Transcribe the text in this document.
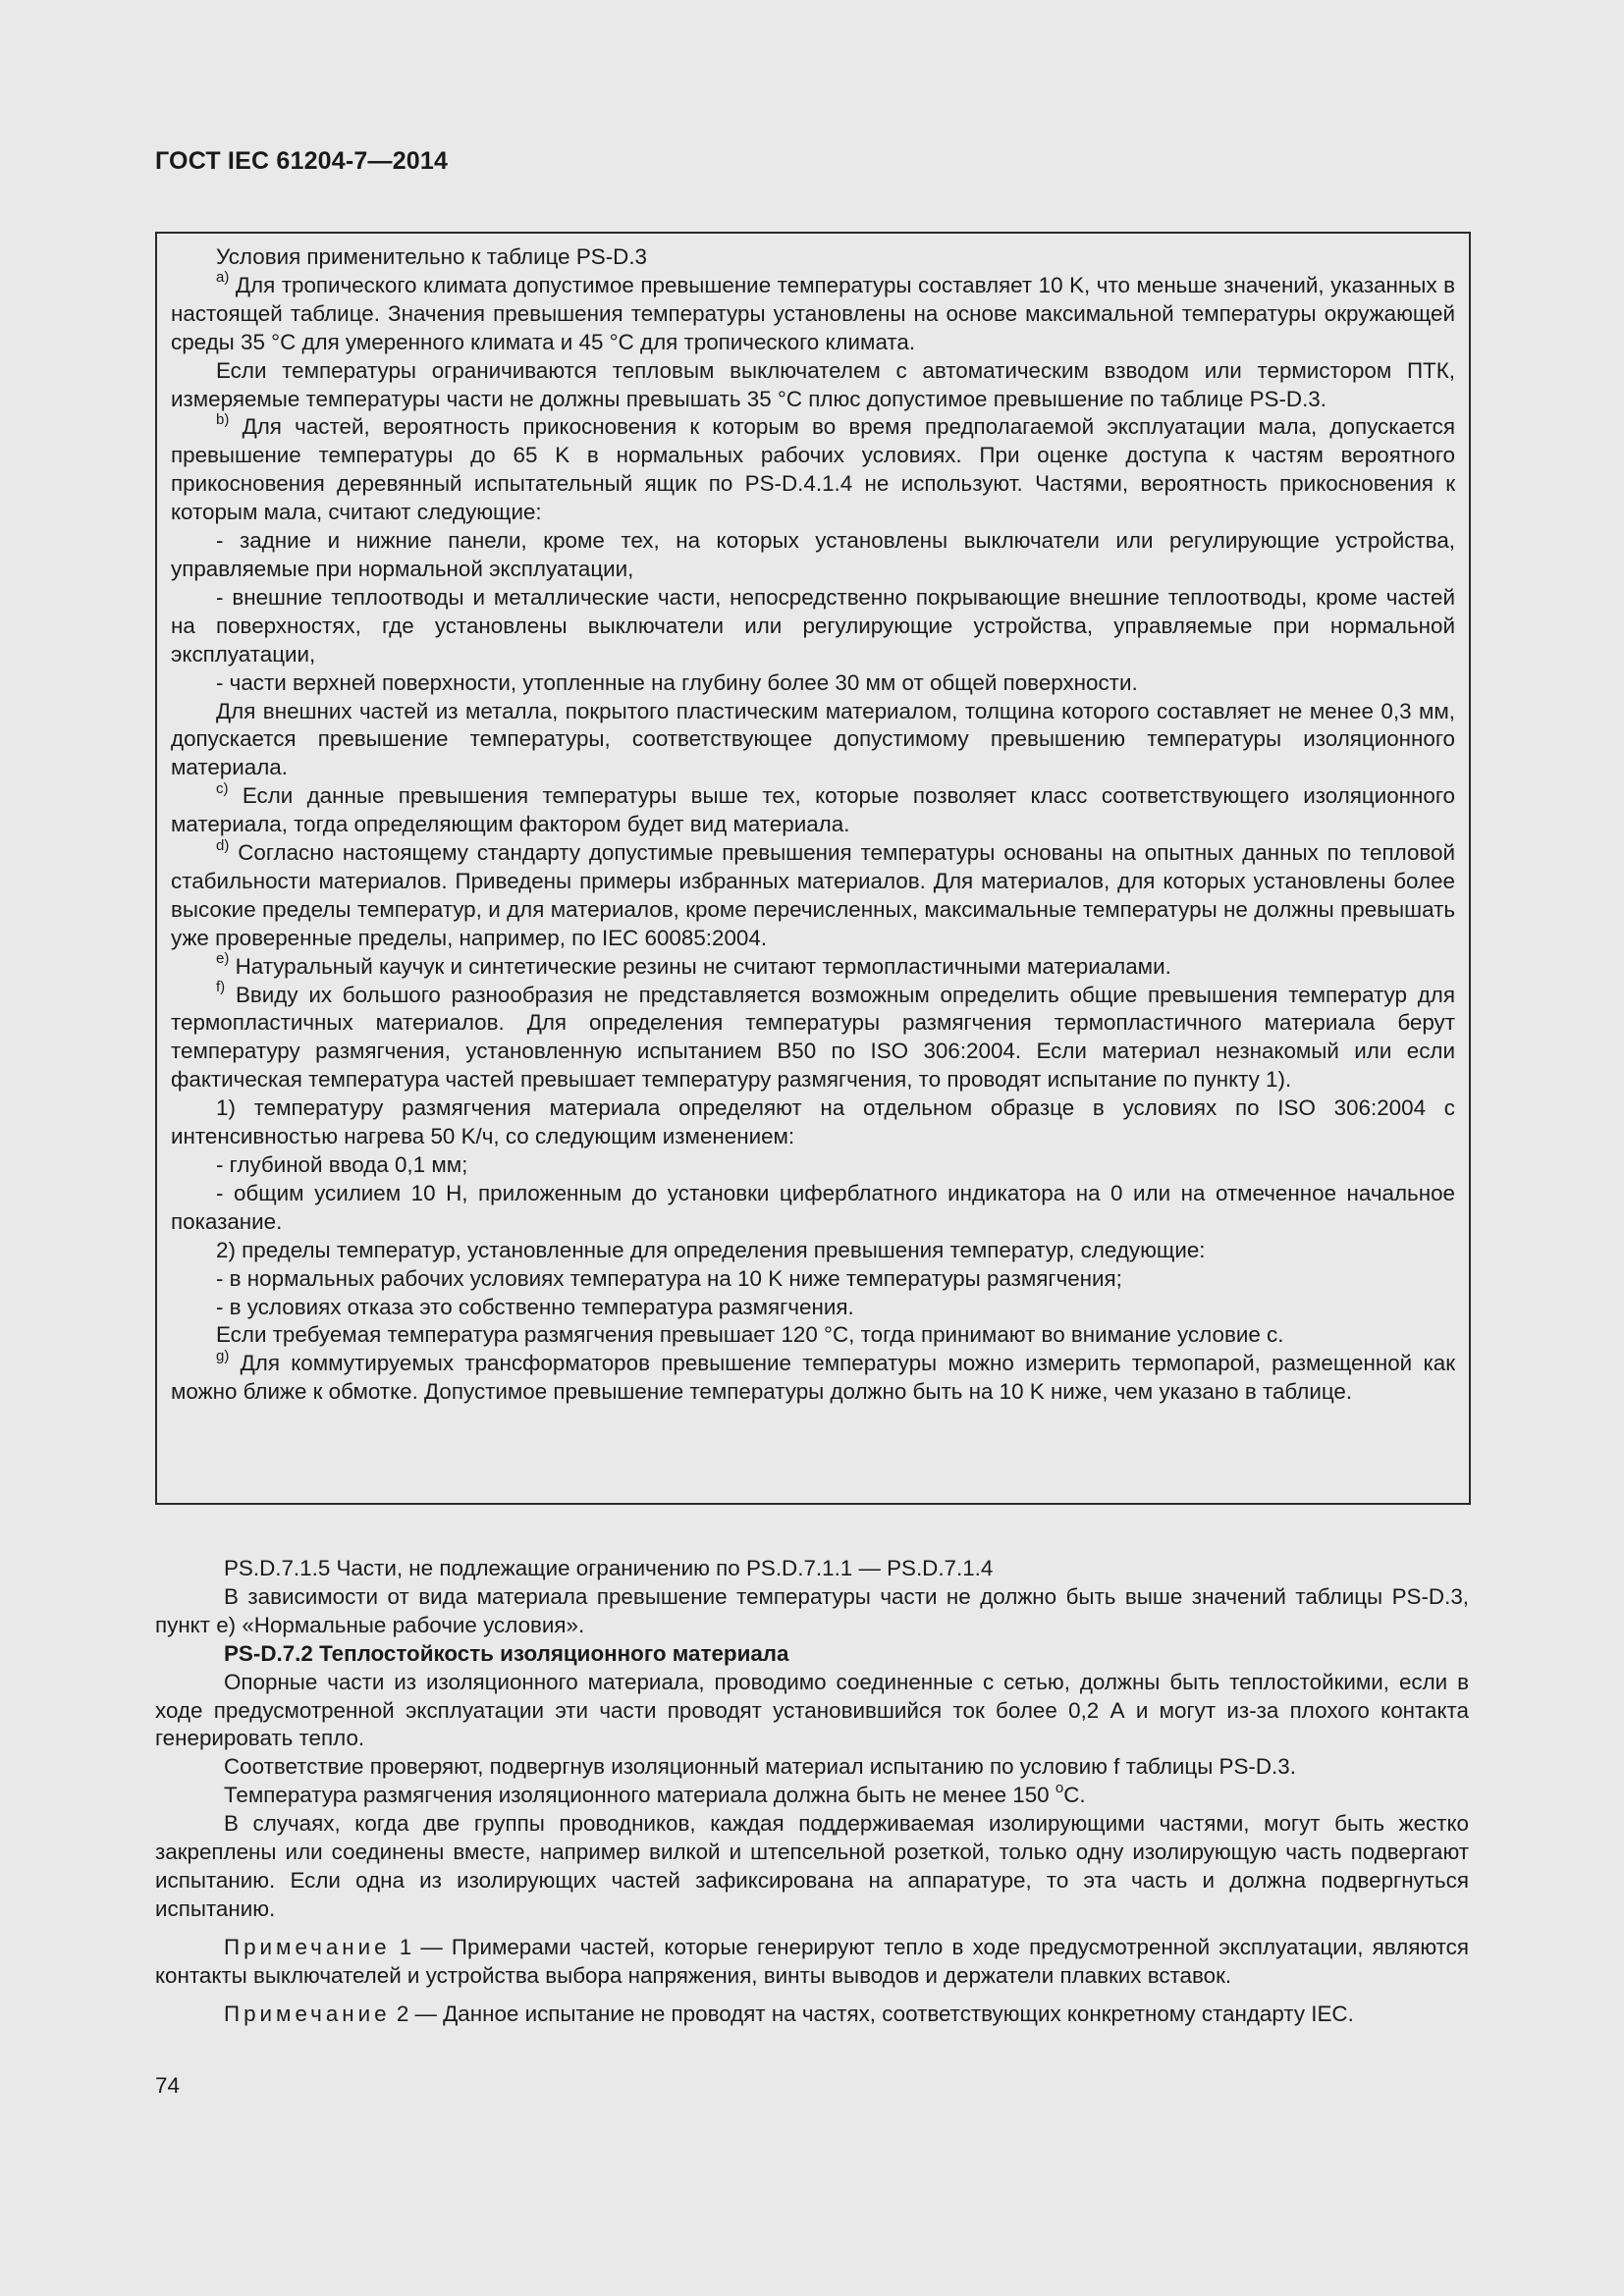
ГОСТ IEC 61204-7—2014

Условия применительно к таблице PS-D.3

$^{a)}$ Для тропического климата допустимое превышение температуры составляет 10 K, что меньше значений, указанных в настоящей таблице. Значения превышения температуры установлены на основе максимальной температуры окружающей среды 35 °C для умеренного климата и 45 °C для тропического климата.

Если температуры ограничиваются тепловым выключателем с автоматическим взводом или термистором ПТК, измеряемые температуры части не должны превышать 35 °C плюс допустимое превышение по таблице PS-D.3.

$^{b)}$ Для частей, вероятность прикосновения к которым во время предполагаемой эксплуатации мала, допускается превышение температуры до 65 K в нормальных рабочих условиях. При оценке доступа к частям вероятного прикосновения деревянный испытательный ящик по PS-D.4.1.4 не используют. Частями, вероятность прикосновения к которым мала, считают следующие:

- задние и нижние панели, кроме тех, на которых установлены выключатели или регулирующие устройства, управляемые при нормальной эксплуатации,

- внешние теплоотводы и металлические части, непосредственно покрывающие внешние теплоотводы, кроме частей на поверхностях, где установлены выключатели или регулирующие устройства, управляемые при нормальной эксплуатации,

- части верхней поверхности, утопленные на глубину более 30 мм от общей поверхности.

Для внешних частей из металла, покрытого пластическим материалом, толщина которого составляет не менее 0,3 мм, допускается превышение температуры, соответствующее допустимому превышению температуры изоляционного материала.

$^{c)}$ Если данные превышения температуры выше тех, которые позволяет класс соответствующего изоляционного материала, тогда определяющим фактором будет вид материала.

$^{d)}$ Согласно настоящему стандарту допустимые превышения температуры основаны на опытных данных по тепловой стабильности материалов. Приведены примеры избранных материалов. Для материалов, для которых установлены более высокие пределы температур, и для материалов, кроме перечисленных, максимальные температуры не должны превышать уже проверенные пределы, например, по IEC 60085:2004.

$^{e)}$ Натуральный каучук и синтетические резины не считают термопластичными материалами.

$^{f)}$ Ввиду их большого разнообразия не представляется возможным определить общие превышения температур для термопластичных материалов. Для определения температуры размягчения термопластичного материала берут температуру размягчения, установленную испытанием B50 по ISO 306:2004. Если материал незнакомый или если фактическая температура частей превышает температуру размягчения, то проводят испытание по пункту 1).

1) температуру размягчения материала определяют на отдельном образце в условиях по ISO 306:2004 с интенсивностью нагрева 50 K/ч, со следующим изменением:

- глубиной ввода 0,1 мм;

- общим усилием 10 Н, приложенным до установки циферблатного индикатора на 0 или на отмеченное начальное показание.

2) пределы температур, установленные для определения превышения температур, следующие:

- в нормальных рабочих условиях температура на 10 K ниже температуры размягчения;

- в условиях отказа это собственно температура размягчения.

Если требуемая температура размягчения превышает 120 °C, тогда принимают во внимание условие c.

$^{g)}$ Для коммутируемых трансформаторов превышение температуры можно измерить термопарой, размещенной как можно ближе к обмотке. Допустимое превышение температуры должно быть на 10 K ниже, чем указано в таблице.

PS.D.7.1.5 Части, не подлежащие ограничению по PS.D.7.1.1 — PS.D.7.1.4

В зависимости от вида материала превышение температуры части не должно быть выше значений таблицы PS-D.3, пункт e) «Нормальные рабочие условия».

PS-D.7.2 Теплостойкость изоляционного материала

Опорные части из изоляционного материала, проводимо соединенные с сетью, должны быть теплостойкими, если в ходе предусмотренной эксплуатации эти части проводят установившийся ток более 0,2 А и могут из-за плохого контакта генерировать тепло.

Соответствие проверяют, подвергнув изоляционный материал испытанию по условию f таблицы PS-D.3.

Температура размягчения изоляционного материала должна быть не менее 150 $^o$C.

В случаях, когда две группы проводников, каждая поддерживаемая изолирующими частями, могут быть жестко закреплены или соединены вместе, например вилкой и штепсельной розеткой, только одну изолирующую часть подвергают испытанию. Если одна из изолирующих частей зафиксирована на аппаратуре, то эта часть и должна подвергнуться испытанию.

Примечание 1 — Примерами частей, которые генерируют тепло в ходе предусмотренной эксплуатации, являются контакты выключателей и устройства выбора напряжения, винты выводов и держатели плавких вставок.

Примечание 2 — Данное испытание не проводят на частях, соответствующих конкретному стандарту IEC.

74
